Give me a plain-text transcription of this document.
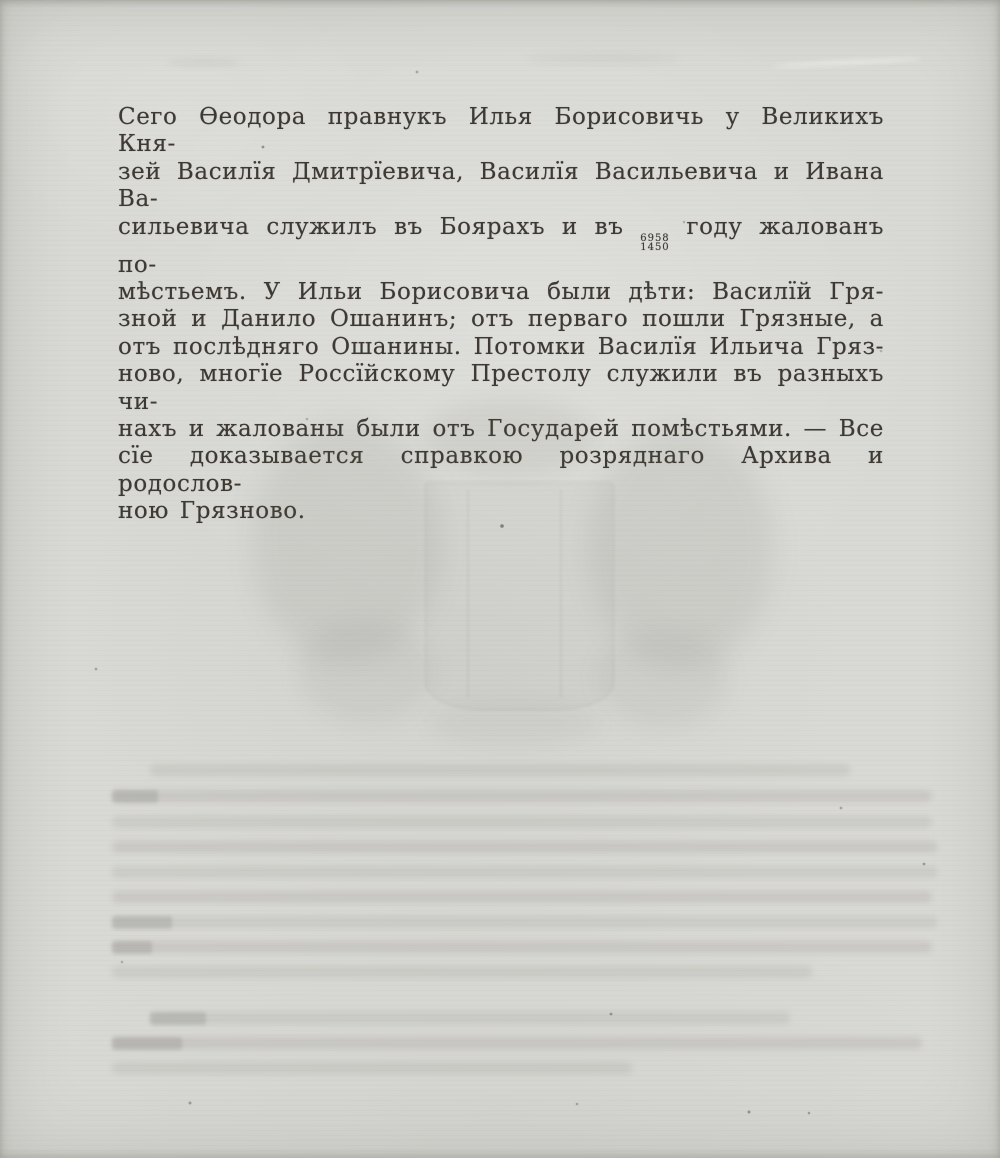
Сего Ѳеодора правнукъ Илья Борисовичь у Великихъ Кня-
зей Василїя Дмитрїевича, Василїя Васильевича и Ивана Ва-
сильевича служилъ въ Боярахъ и въ 6958
1450
году жалованъ по-
мѣстьемъ. У Ильи Борисовича были дѣти: Василїй Гря-
зной и Данило Ошанинъ; отъ перваго пошли Грязные, а
отъ послѣдняго Ошанины. Потомки Василїя Ильича Гряз-
ново, многїе Россїйскому Престолу служили въ разныхъ чи-
нахъ и жалованы были отъ Государей помѣстьями. — Все
сїе доказывается справкою розряднаго Архива и родослов-
ною Грязново.
